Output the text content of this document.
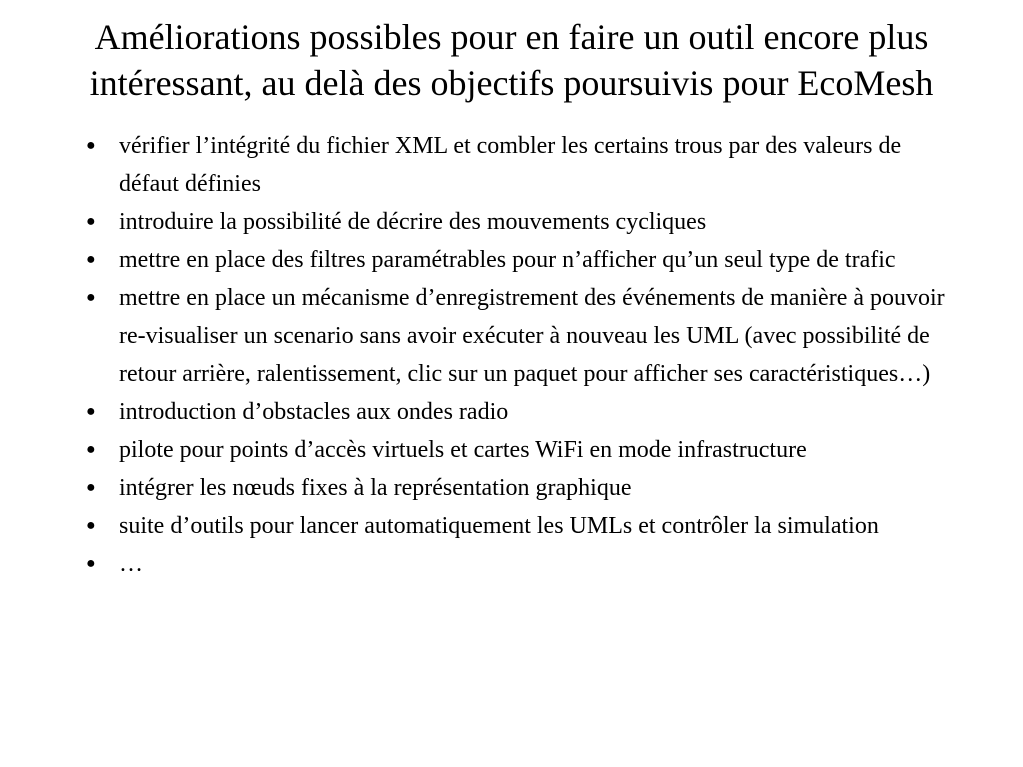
Améliorations possibles pour en faire un outil encore plus
intéressant, au delà des objectifs poursuivis pour EcoMesh
● vérifier l’intégrité du fichier XML et combler les certains trous par des valeurs de défaut définies
● introduire la possibilité de décrire des mouvements cycliques
● mettre en place des filtres paramétrables pour n’afficher qu’un seul type de trafic
● mettre en place un mécanisme d’enregistrement des événements de manière à pouvoir re-visualiser un scenario sans avoir exécuter à nouveau les UML (avec possibilité de retour arrière, ralentissement, clic sur un paquet pour afficher ses caractéristiques…)
● introduction d’obstacles aux ondes radio
● pilote pour points d’accès virtuels et cartes WiFi en mode infrastructure
● intégrer les nœuds fixes à la représentation graphique
● suite d’outils pour lancer automatiquement les UMLs et contrôler la simulation
● …
